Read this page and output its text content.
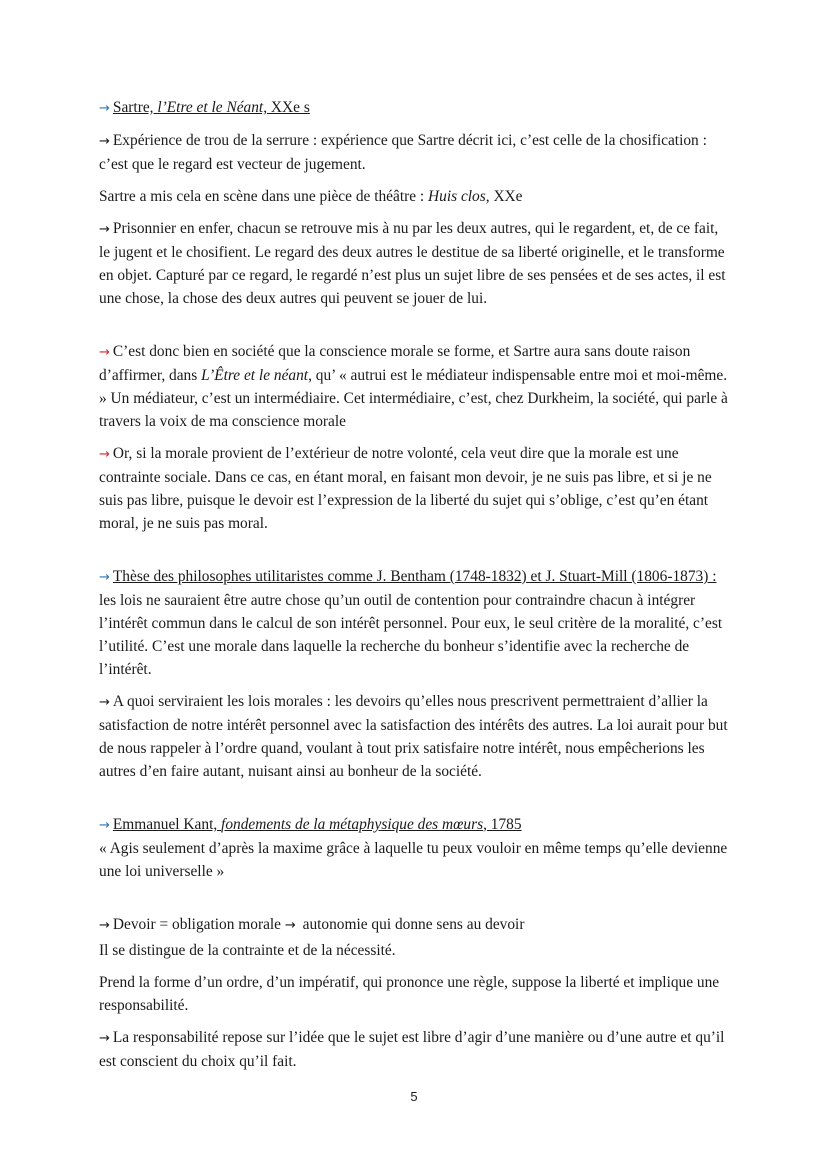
→ Sartre, l’Etre et le Néant, XXe s

→ Expérience de trou de la serrure : expérience que Sartre décrit ici, c’est celle de la chosification : c’est que le regard est vecteur de jugement.

Sartre a mis cela en scène dans une pièce de théâtre : Huis clos, XXe

→ Prisonnier en enfer, chacun se retrouve mis à nu par les deux autres, qui le regardent, et, de ce fait, le jugent et le chosifient. Le regard des deux autres le destitue de sa liberté originelle, et le transforme en objet. Capturé par ce regard, le regardé n’est plus un sujet libre de ses pensées et de ses actes, il est une chose, la chose des deux autres qui peuvent se jouer de lui.

→ C’est donc bien en société que la conscience morale se forme, et Sartre aura sans doute raison d’affirmer, dans L’Être et le néant, qu’ « autrui est le médiateur indispensable entre moi et moi-même. » Un médiateur, c’est un intermédiaire. Cet intermédiaire, c’est, chez Durkheim, la société, qui parle à travers la voix de ma conscience morale

→ Or, si la morale provient de l’extérieur de notre volonté, cela veut dire que la morale est une contrainte sociale. Dans ce cas, en étant moral, en faisant mon devoir, je ne suis pas libre, et si je ne suis pas libre, puisque le devoir est l’expression de la liberté du sujet qui s’oblige, c’est qu’en étant moral, je ne suis pas moral.

→ Thèse des philosophes utilitaristes comme J. Bentham (1748-1832) et J. Stuart-Mill (1806-1873) : les lois ne sauraient être autre chose qu’un outil de contention pour contraindre chacun à intégrer l’intérêt commun dans le calcul de son intérêt personnel. Pour eux, le seul critère de la moralité, c’est l’utilité. C’est une morale dans laquelle la recherche du bonheur s’identifie avec la recherche de l’intérêt.

→ A quoi serviraient les lois morales : les devoirs qu’elles nous prescrivent permettraient d’allier la satisfaction de notre intérêt personnel avec la satisfaction des intérêts des autres. La loi aurait pour but de nous rappeler à l’ordre quand, voulant à tout prix satisfaire notre intérêt, nous empêcherions les autres d’en faire autant, nuisant ainsi au bonheur de la société.

→ Emmanuel Kant, fondements de la métaphysique des mœurs, 1785

« Agis seulement d’après la maxime grâce à laquelle tu peux vouloir en même temps qu’elle devienne une loi universelle »

→ Devoir = obligation morale → autonomie qui donne sens au devoir

Il se distingue de la contrainte et de la nécessité.

Prend la forme d’un ordre, d’un impératif, qui prononce une règle, suppose la liberté et implique une responsabilité.

→ La responsabilité repose sur l’idée que le sujet est libre d’agir d’une manière ou d’une autre et qu’il est conscient du choix qu’il fait.

5
